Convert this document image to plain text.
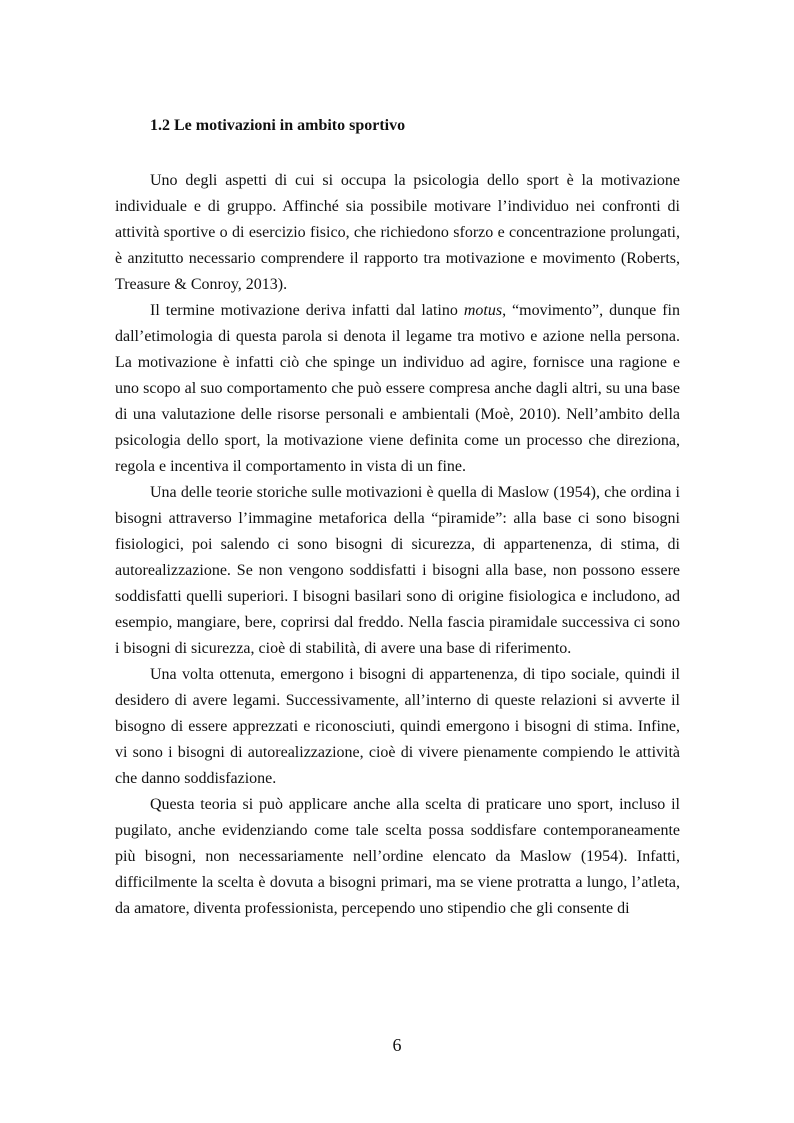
1.2 Le motivazioni in ambito sportivo

Uno degli aspetti di cui si occupa la psicologia dello sport è la motivazione individuale e di gruppo. Affinché sia possibile motivare l’individuo nei confronti di attività sportive o di esercizio fisico, che richiedono sforzo e concentrazione prolungati, è anzitutto necessario comprendere il rapporto tra motivazione e movimento (Roberts, Treasure & Conroy, 2013).

Il termine motivazione deriva infatti dal latino motus, “movimento”, dunque fin dall’etimologia di questa parola si denota il legame tra motivo e azione nella persona. La motivazione è infatti ciò che spinge un individuo ad agire, fornisce una ragione e uno scopo al suo comportamento che può essere compresa anche dagli altri, su una base di una valutazione delle risorse personali e ambientali (Moè, 2010). Nell’ambito della psicologia dello sport, la motivazione viene definita come un processo che direziona, regola e incentiva il comportamento in vista di un fine.

Una delle teorie storiche sulle motivazioni è quella di Maslow (1954), che ordina i bisogni attraverso l’immagine metaforica della “piramide”: alla base ci sono bisogni fisiologici, poi salendo ci sono bisogni di sicurezza, di appartenenza, di stima, di autorealizzazione. Se non vengono soddisfatti i bisogni alla base, non possono essere soddisfatti quelli superiori. I bisogni basilari sono di origine fisiologica e includono, ad esempio, mangiare, bere, coprirsi dal freddo. Nella fascia piramidale successiva ci sono i bisogni di sicurezza, cioè di stabilità, di avere una base di riferimento.

Una volta ottenuta, emergono i bisogni di appartenenza, di tipo sociale, quindi il desidero di avere legami. Successivamente, all’interno di queste relazioni si avverte il bisogno di essere apprezzati e riconosciuti, quindi emergono i bisogni di stima. Infine, vi sono i bisogni di autorealizzazione, cioè di vivere pienamente compiendo le attività che danno soddisfazione.

Questa teoria si può applicare anche alla scelta di praticare uno sport, incluso il pugilato, anche evidenziando come tale scelta possa soddisfare contemporaneamente più bisogni, non necessariamente nell’ordine elencato da Maslow (1954). Infatti, difficilmente la scelta è dovuta a bisogni primari, ma se viene protratta a lungo, l’atleta, da amatore, diventa professionista, percependo uno stipendio che gli consente di

6
